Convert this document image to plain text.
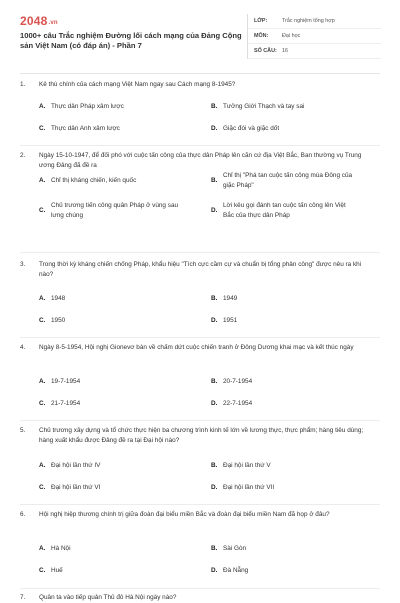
2048.vn
1000+ câu Trắc nghiệm Đường lối cách mạng của Đảng Cộng sản Việt Nam (có đáp án) - Phần 7
LỚP:	Trắc nghiệm tổng hợp
MÔN:	Đại học
SỐ CÂU: 16
1.	Kẻ thù chính của cách mạng Việt Nam ngay sau Cách mạng 8-1945?
A. Thực dân Pháp xâm lược	B. Tưởng Giới Thạch và tay sai
C. Thực dân Anh xâm lược	D. Giặc đói và giặc dốt
2.	Ngày 15-10-1947, để đối phó với cuộc tấn công của thực dân Pháp lên căn cứ địa Việt Bắc, Ban thường vụ Trung ương Đảng đã đề ra
A. Chỉ thị kháng chiến, kiến quốc	B.
Chỉ thị "Phá tan cuộc tấn công mùa Đông của giặc Pháp"
C.
Chủ trương tiến công quân Pháp ở vùng sau lưng chúng
D.
Lời kêu gọi đánh tan cuộc tấn công lên Việt Bắc của thực dân Pháp
3.	Trong thời kỳ kháng chiến chống Pháp, khẩu hiệu "Tích cực cầm cự và chuẩn bị tổng phản công" được nêu ra khi nào?
A. 1948	B. 1949
C. 1950	D. 1951
4.	Ngày 8-5-1954, Hội nghị Gionevơ bàn về chấm dứt cuộc chiến tranh ở Đông Dương khai mạc và kết thúc ngày
A. 19-7-1954	B. 20-7-1954
C. 21-7-1954	D. 22-7-1954
5.	Chủ trương xây dựng và tổ chức thực hiện ba chương trình kinh tế lớn về lương thực, thực phẩm; hàng tiêu dùng; hàng xuất khẩu được Đảng đề ra tại Đại hội nào?
A. Đại hội lần thứ IV	B. Đại hội lần thứ V
C. Đại hội lần thứ VI	D. Đại hội lần thứ VII
6.	Hội nghị hiệp thương chính trị giữa đoàn đại biểu miền Bắc và đoàn đại biểu miền Nam đã họp ở đâu?
A. Hà Nội	B. Sài Gòn
C. Huế	D. Đà Nẵng
7.	Quân ta vào tiếp quản Thủ đô Hà Nội ngày nào?
